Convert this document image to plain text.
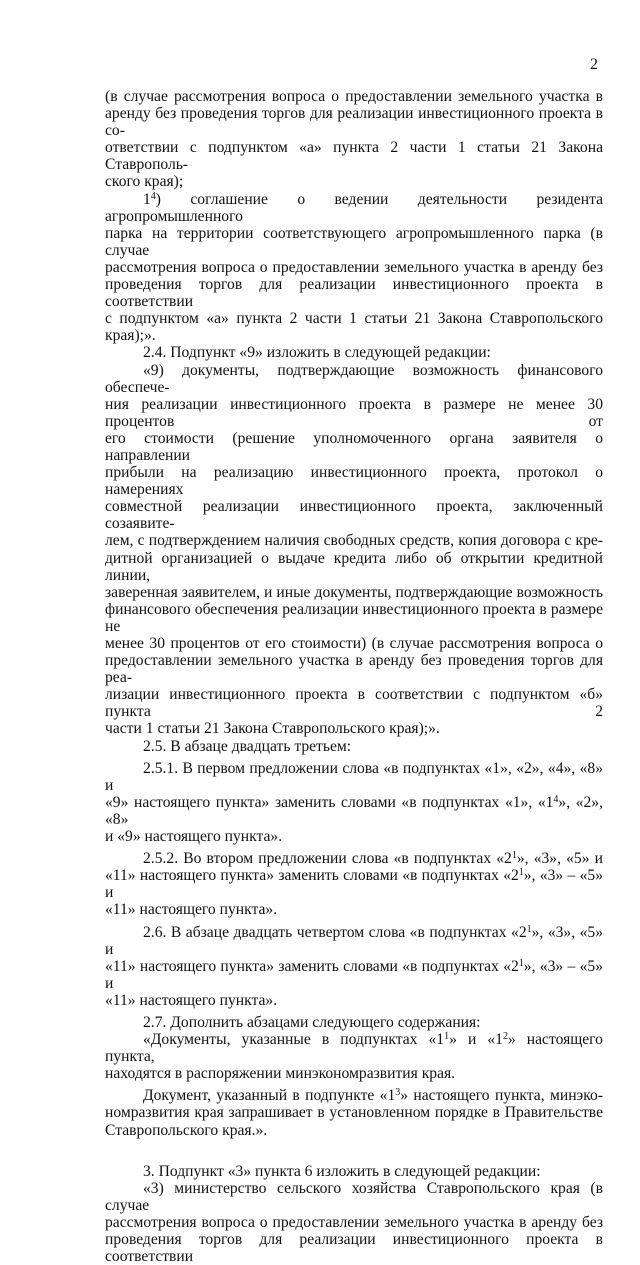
2

(в случае рассмотрения вопроса о предоставлении земельного участка в
аренду без проведения торгов для реализации инвестиционного проекта в со-
ответствии с подпунктом «а» пункта 2 части 1 статьи 21 Закона Ставрополь-
ского края);

$1^4$) соглашение о ведении деятельности резидента агропромышленного
парка на территории соответствующего агропромышленного парка (в случае
рассмотрения вопроса о предоставлении земельного участка в аренду без
проведения торгов для реализации инвестиционного проекта в соответствии
с подпунктом «а» пункта 2 части 1 статьи 21 Закона Ставропольского края);».

2.4. Подпункт «9» изложить в следующей редакции:

«9) документы, подтверждающие возможность финансового обеспече-
ния реализации инвестиционного проекта в размере не менее 30 процентов от
его стоимости (решение уполномоченного органа заявителя о направлении
прибыли на реализацию инвестиционного проекта, протокол о намерениях
совместной реализации инвестиционного проекта, заключенный созаявите-
лем, с подтверждением наличия свободных средств, копия договора с кре-
дитной организацией о выдаче кредита либо об открытии кредитной линии,
заверенная заявителем, и иные документы, подтверждающие возможность
финансового обеспечения реализации инвестиционного проекта в размере не
менее 30 процентов от его стоимости) (в случае рассмотрения вопроса о
предоставлении земельного участка в аренду без проведения торгов для реа-
лизации инвестиционного проекта в соответствии с подпунктом «б» пункта 2
части 1 статьи 21 Закона Ставропольского края);».

2.5. В абзаце двадцать третьем:

2.5.1. В первом предложении слова «в подпунктах «1», «2», «4», «8» и
«9» настоящего пункта» заменить словами «в подпунктах «1», «$1^4$», «2», «8»
и «9» настоящего пункта».

2.5.2. Во втором предложении слова «в подпунктах «$2^1$», «3», «5» и
«11» настоящего пункта» заменить словами «в подпунктах «$2^1$», «3» – «5» и
«11» настоящего пункта».

2.6. В абзаце двадцать четвертом слова «в подпунктах «$2^1$», «3», «5» и
«11» настоящего пункта» заменить словами «в подпунктах «$2^1$», «3» – «5» и
«11» настоящего пункта».

2.7. Дополнить абзацами следующего содержания:

«Документы, указанные в подпунктах «$1^1$» и «$1^2$» настоящего пункта,
находятся в распоряжении минэкономразвития края.

Документ, указанный в подпункте «$1^3$» настоящего пункта, минэко-
номразвития края запрашивает в установленном порядке в Правительстве
Ставропольского края.».

3. Подпункт «3» пункта 6 изложить в следующей редакции:

«3) министерство сельского хозяйства Ставропольского края (в случае
рассмотрения вопроса о предоставлении земельного участка в аренду без
проведения торгов для реализации инвестиционного проекта в соответствии
